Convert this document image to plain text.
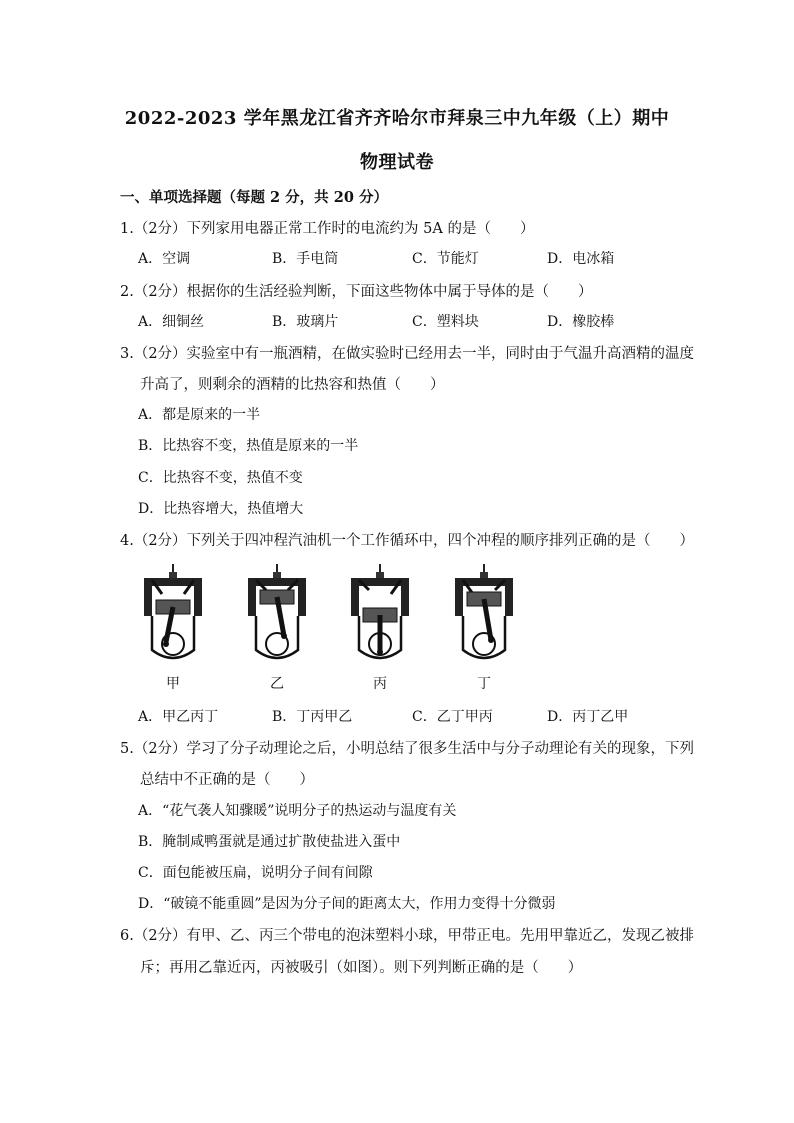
2022-2023 学年黑龙江省齐齐哈尔市拜泉三中九年级（上）期中
物理试卷
一、单项选择题（每题 2 分，共 20 分）
1.（2分）下列家用电器正常工作时的电流约为 5A 的是（　　）
A．空调	B．手电筒	C．节能灯	D．电冰箱
2.（2分）根据你的生活经验判断，下面这些物体中属于导体的是（　　）
A．细铜丝	B．玻璃片	C．塑料块	D．橡胶棒
3.（2分）实验室中有一瓶酒精，在做实验时已经用去一半，同时由于气温升高酒精的温度
升高了，则剩余的酒精的比热容和热值（　　）
A．都是原来的一半
B．比热容不变，热值是原来的一半
C．比热容不变，热值不变
D．比热容增大，热值增大
4.（2分）下列关于四冲程汽油机一个工作循环中，四个冲程的顺序排列正确的是（　　）
甲	乙	丙	丁
A．甲乙丙丁	B．丁丙甲乙	C．乙丁甲丙	D．丙丁乙甲
5.（2分）学习了分子动理论之后，小明总结了很多生活中与分子动理论有关的现象，下列
总结中不正确的是（　　）
A．“花气袭人知骤暖”说明分子的热运动与温度有关
B．腌制咸鸭蛋就是通过扩散使盐进入蛋中
C．面包能被压扁，说明分子间有间隙
D．“破镜不能重圆”是因为分子间的距离太大，作用力变得十分微弱
6.（2分）有甲、乙、丙三个带电的泡沫塑料小球，甲带正电。先用甲靠近乙，发现乙被排
斥；再用乙靠近丙，丙被吸引（如图）。则下列判断正确的是（　　）
